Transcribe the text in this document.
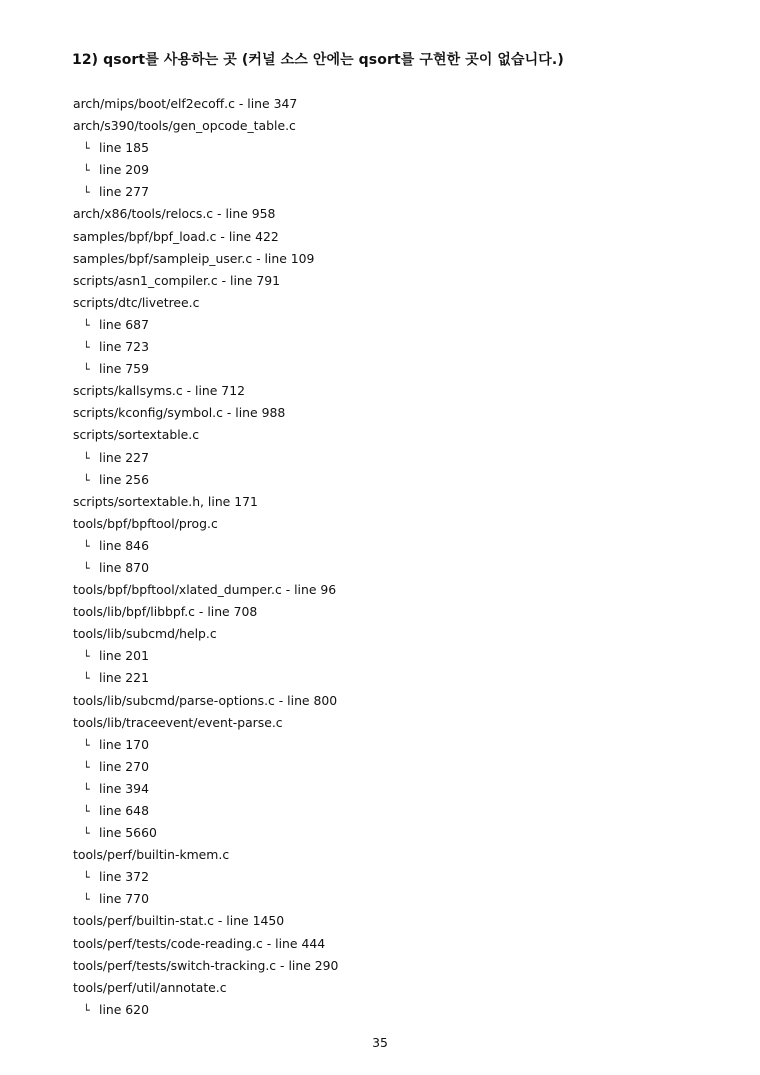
12) qsort를 사용하는 곳 (커널 소스 안에는 qsort를 구현한 곳이 없습니다.)
arch/mips/boot/elf2ecoff.c - line 347
arch/s390/tools/gen_opcode_table.c
└ line 185
└ line 209
└ line 277
arch/x86/tools/relocs.c - line 958
samples/bpf/bpf_load.c - line 422
samples/bpf/sampleip_user.c - line 109
scripts/asn1_compiler.c - line 791
scripts/dtc/livetree.c
└ line 687
└ line 723
└ line 759
scripts/kallsyms.c - line 712
scripts/kconfig/symbol.c - line 988
scripts/sortextable.c
└ line 227
└ line 256
scripts/sortextable.h, line 171
tools/bpf/bpftool/prog.c
└ line 846
└ line 870
tools/bpf/bpftool/xlated_dumper.c - line 96
tools/lib/bpf/libbpf.c - line 708
tools/lib/subcmd/help.c
└ line 201
└ line 221
tools/lib/subcmd/parse-options.c - line 800
tools/lib/traceevent/event-parse.c
└ line 170
└ line 270
└ line 394
└ line 648
└ line 5660
tools/perf/builtin-kmem.c
└ line 372
└ line 770
tools/perf/builtin-stat.c - line 1450
tools/perf/tests/code-reading.c - line 444
tools/perf/tests/switch-tracking.c - line 290
tools/perf/util/annotate.c
└ line 620
35
